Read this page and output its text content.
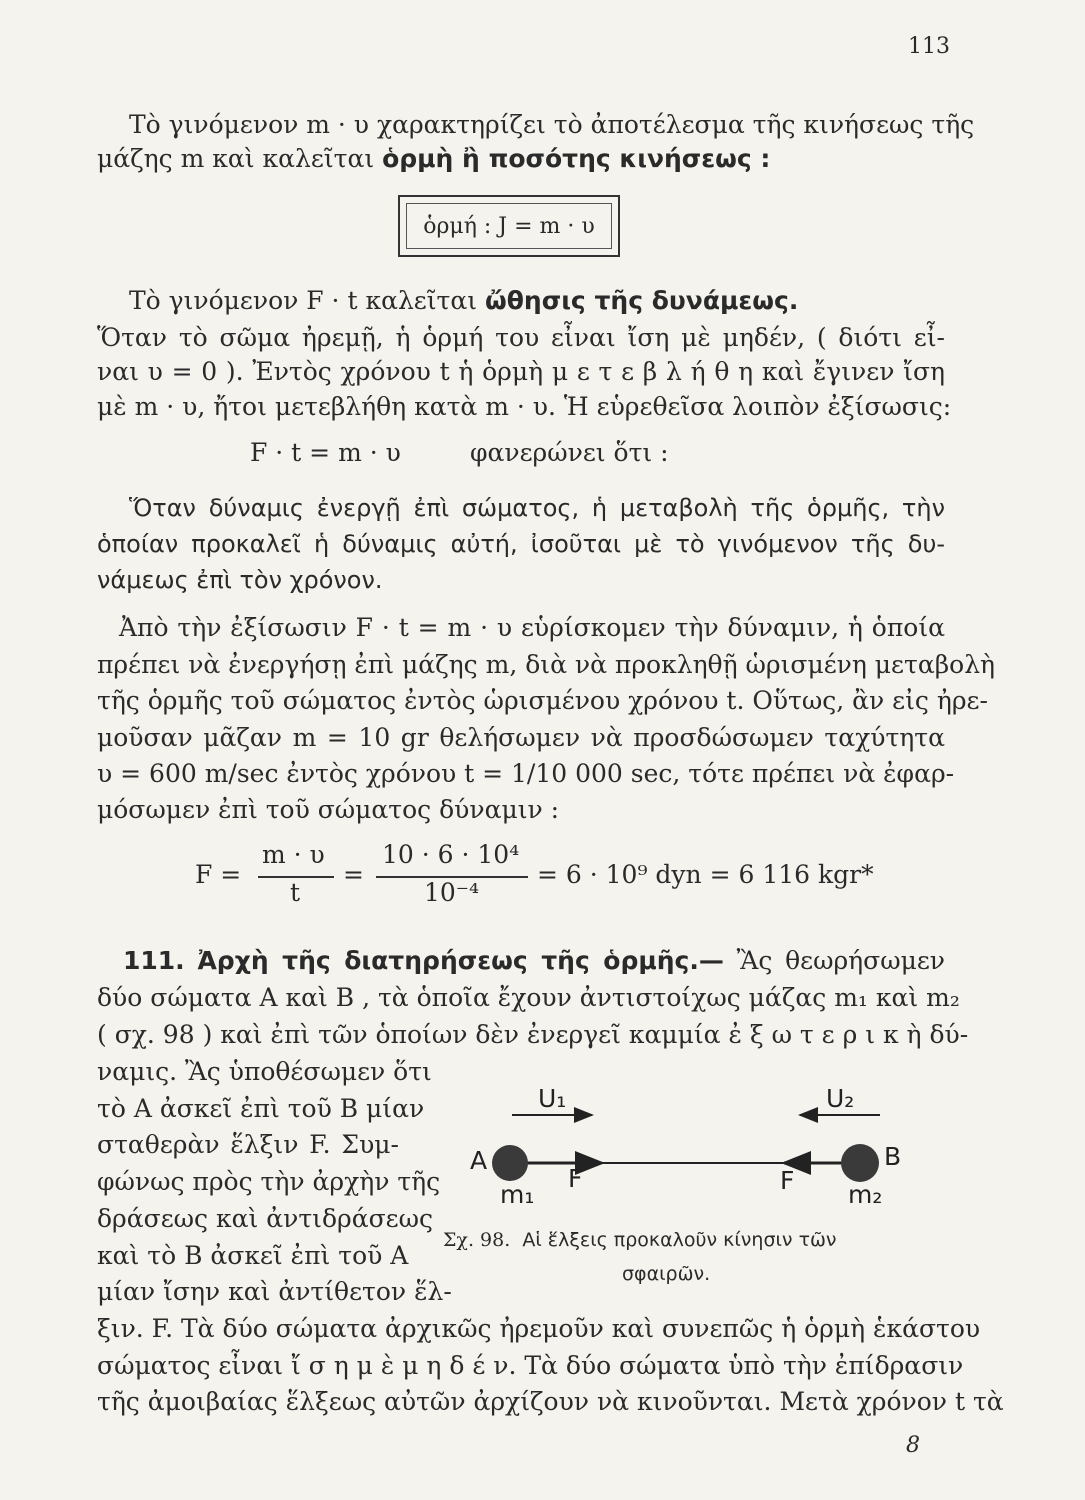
113
Τὸ γινόμενον m · υ χαρακτηρίζει τὸ ἀποτέλεσμα τῆς κινήσεως τῆς
μάζης m καὶ καλεῖται ὁρμὴ ἢ ποσότης κινήσεως :
ὁρμή : J = m · υ
Τὸ γινόμενον F · t καλεῖται ὤθησις τῆς δυνάμεως.
Ὅταν τὸ σῶμα ἠρεμῇ, ἡ ὁρμή του εἶναι ἴση μὲ μηδέν, ( διότι εἶ-
ναι υ = 0 ). Ἐντὸς χρόνου t ἡ ὁρμὴ μ ε τ ε β λ ή θ η καὶ ἔγινεν ἴση
μὲ m · υ, ἤτοι μετεβλήθη κατὰ m · υ. Ἡ εὑρεθεῖσα λοιπὸν ἐξίσωσις:
F · t = m · υ	φανερώνει ὅτι :
Ὅταν δύναμις ἐνεργῇ ἐπὶ σώματος, ἡ μεταβολὴ τῆς ὁρμῆς, τὴν
ὁποίαν προκαλεῖ ἡ δύναμις αὐτή, ἰσοῦται μὲ τὸ γινόμενον τῆς δυ-
νάμεως ἐπὶ τὸν χρόνον.
Ἀπὸ τὴν ἐξίσωσιν F · t = m · υ εὑρίσκομεν τὴν δύναμιν, ἡ ὁποία
πρέπει νὰ ἐνεργήσῃ ἐπὶ μάζης m, διὰ νὰ προκληθῇ ὡρισμένη μεταβολὴ
τῆς ὁρμῆς τοῦ σώματος ἐντὸς ὡρισμένου χρόνου t. Οὕτως, ἂν εἰς ἠρε-
μοῦσαν μᾶζαν m = 10 gr θελήσωμεν νὰ προσδώσωμεν ταχύτητα
υ = 600 m/sec ἐντὸς χρόνου t = 1/10 000 sec, τότε πρέπει νὰ ἐφαρ-
μόσωμεν ἐπὶ τοῦ σώματος δύναμιν :
F =
m · υ
t
=
10 · 6 · 10⁴
10⁻⁴
= 6 · 10⁹ dyn = 6 116 kgr*
111. Ἀρχὴ τῆς διατηρήσεως τῆς ὁρμῆς.— Ἂς θεωρήσωμεν
δύο σώματα Α καὶ Β , τὰ ὁποῖα ἔχουν ἀντιστοίχως μάζας m₁ καὶ m₂
( σχ. 98 ) καὶ ἐπὶ τῶν ὁποίων δὲν ἐνεργεῖ καμμία ἐ ξ ω τ ε ρ ι κ ὴ δύ-
ναμις. Ἂς ὑποθέσωμεν ὅτι
τὸ Α ἀσκεῖ ἐπὶ τοῦ Β μίαν
σταθερὰν ἕλξιν F. Συμ-
φώνως πρὸς τὴν ἀρχὴν τῆς
δράσεως καὶ ἀντιδράσεως
καὶ τὸ Β ἀσκεῖ ἐπὶ τοῦ Α
μίαν ἴσην καὶ ἀντίθετον ἕλ-
ξιν. F. Τὰ δύο σώματα ἀρχικῶς ἠρεμοῦν καὶ συνεπῶς ἡ ὁρμὴ ἑκάστου
σώματος εἶναι ἴ σ η μ ὲ μ η δ έ ν. Τὰ δύο σώματα ὑπὸ τὴν ἐπίδρασιν
τῆς ἀμοιβαίας ἕλξεως αὐτῶν ἀρχίζουν νὰ κινοῦνται. Μετὰ χρόνον t τὰ
U₁	U₂
A	B
m₁	m₂
F	F
Σχ. 98. Αἱ ἕλξεις προκαλοῦν κίνησιν τῶν
σφαιρῶν.
8
